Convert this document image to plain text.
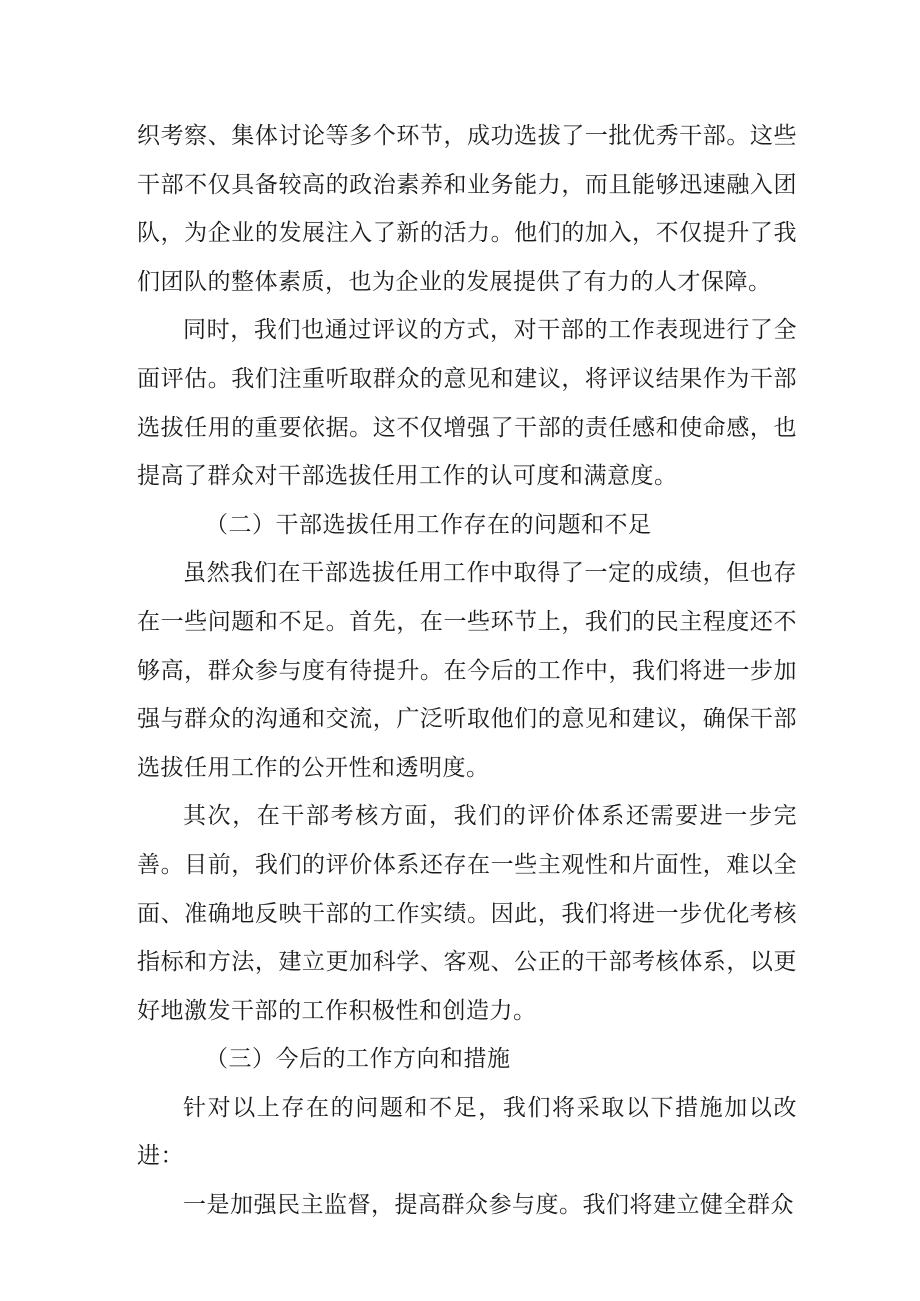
织考察、集体讨论等多个环节，成功选拔了一批优秀干部。这些干部不仅具备较高的政治素养和业务能力，而且能够迅速融入团队，为企业的发展注入了新的活力。他们的加入，不仅提升了我们团队的整体素质，也为企业的发展提供了有力的人才保障。

同时，我们也通过评议的方式，对干部的工作表现进行了全面评估。我们注重听取群众的意见和建议，将评议结果作为干部选拔任用的重要依据。这不仅增强了干部的责任感和使命感，也提高了群众对干部选拔任用工作的认可度和满意度。

（二）干部选拔任用工作存在的问题和不足

虽然我们在干部选拔任用工作中取得了一定的成绩，但也存在一些问题和不足。首先，在一些环节上，我们的民主程度还不够高，群众参与度有待提升。在今后的工作中，我们将进一步加强与群众的沟通和交流，广泛听取他们的意见和建议，确保干部选拔任用工作的公开性和透明度。

其次，在干部考核方面，我们的评价体系还需要进一步完善。目前，我们的评价体系还存在一些主观性和片面性，难以全面、准确地反映干部的工作实绩。因此，我们将进一步优化考核指标和方法，建立更加科学、客观、公正的干部考核体系，以更好地激发干部的工作积极性和创造力。

（三）今后的工作方向和措施

针对以上存在的问题和不足，我们将采取以下措施加以改进：

一是加强民主监督，提高群众参与度。我们将建立健全群众
